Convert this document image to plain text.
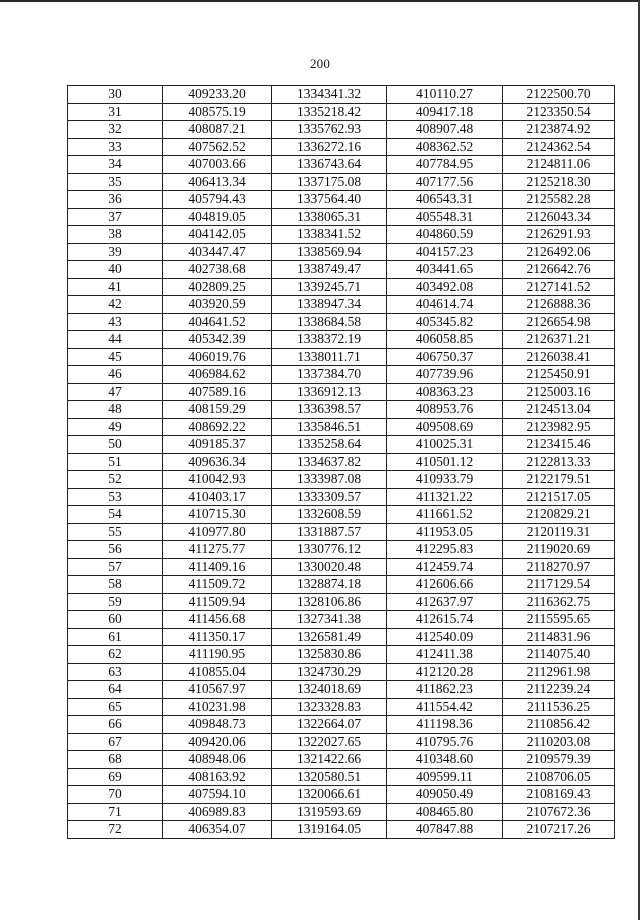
200
30	409233.20	1334341.32	410110.27	2122500.70
31	408575.19	1335218.42	409417.18	2123350.54
32	408087.21	1335762.93	408907.48	2123874.92
33	407562.52	1336272.16	408362.52	2124362.54
34	407003.66	1336743.64	407784.95	2124811.06
35	406413.34	1337175.08	407177.56	2125218.30
36	405794.43	1337564.40	406543.31	2125582.28
37	404819.05	1338065.31	405548.31	2126043.34
38	404142.05	1338341.52	404860.59	2126291.93
39	403447.47	1338569.94	404157.23	2126492.06
40	402738.68	1338749.47	403441.65	2126642.76
41	402809.25	1339245.71	403492.08	2127141.52
42	403920.59	1338947.34	404614.74	2126888.36
43	404641.52	1338684.58	405345.82	2126654.98
44	405342.39	1338372.19	406058.85	2126371.21
45	406019.76	1338011.71	406750.37	2126038.41
46	406984.62	1337384.70	407739.96	2125450.91
47	407589.16	1336912.13	408363.23	2125003.16
48	408159.29	1336398.57	408953.76	2124513.04
49	408692.22	1335846.51	409508.69	2123982.95
50	409185.37	1335258.64	410025.31	2123415.46
51	409636.34	1334637.82	410501.12	2122813.33
52	410042.93	1333987.08	410933.79	2122179.51
53	410403.17	1333309.57	411321.22	2121517.05
54	410715.30	1332608.59	411661.52	2120829.21
55	410977.80	1331887.57	411953.05	2120119.31
56	411275.77	1330776.12	412295.83	2119020.69
57	411409.16	1330020.48	412459.74	2118270.97
58	411509.72	1328874.18	412606.66	2117129.54
59	411509.94	1328106.86	412637.97	2116362.75
60	411456.68	1327341.38	412615.74	2115595.65
61	411350.17	1326581.49	412540.09	2114831.96
62	411190.95	1325830.86	412411.38	2114075.40
63	410855.04	1324730.29	412120.28	2112961.98
64	410567.97	1324018.69	411862.23	2112239.24
65	410231.98	1323328.83	411554.42	2111536.25
66	409848.73	1322664.07	411198.36	2110856.42
67	409420.06	1322027.65	410795.76	2110203.08
68	408948.06	1321422.66	410348.60	2109579.39
69	408163.92	1320580.51	409599.11	2108706.05
70	407594.10	1320066.61	409050.49	2108169.43
71	406989.83	1319593.69	408465.80	2107672.36
72	406354.07	1319164.05	407847.88	2107217.26
